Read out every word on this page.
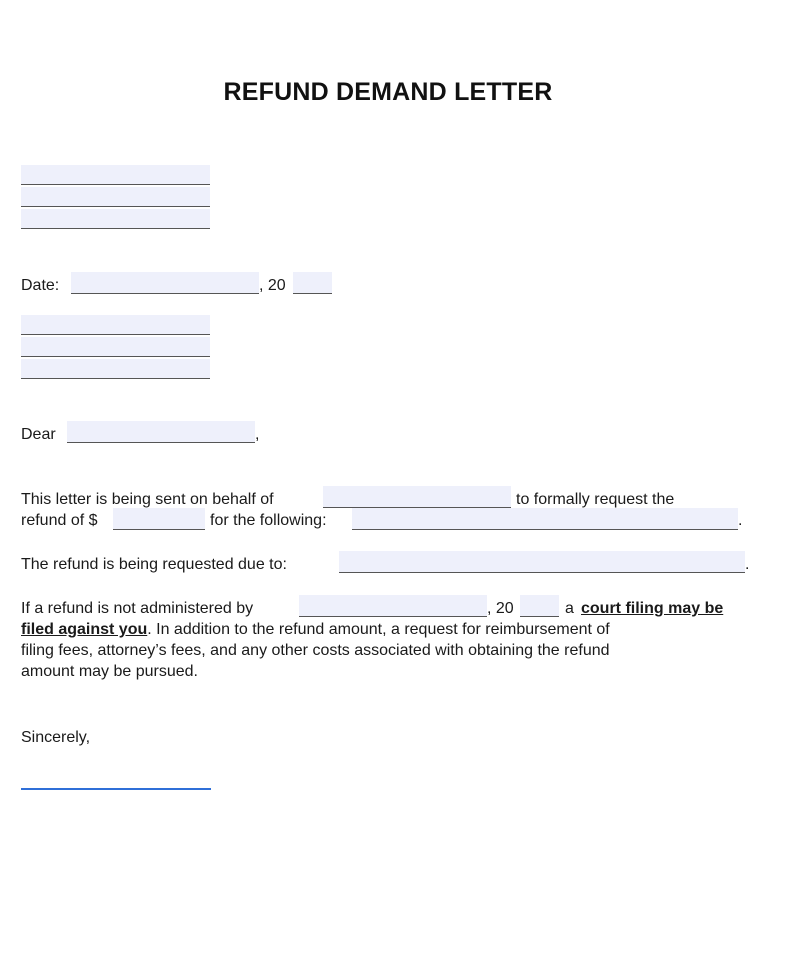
REFUND DEMAND LETTER
Date:	, 20
Dear	,
This letter is being sent on behalf of	to formally request the
refund of $	for the following:	.
The refund is being requested due to:	.
If a refund is not administered by	, 20	a court filing may be
filed against you. In addition to the refund amount, a request for reimbursement of
filing fees, attorney’s fees, and any other costs associated with obtaining the refund
amount may be pursued.
Sincerely,
